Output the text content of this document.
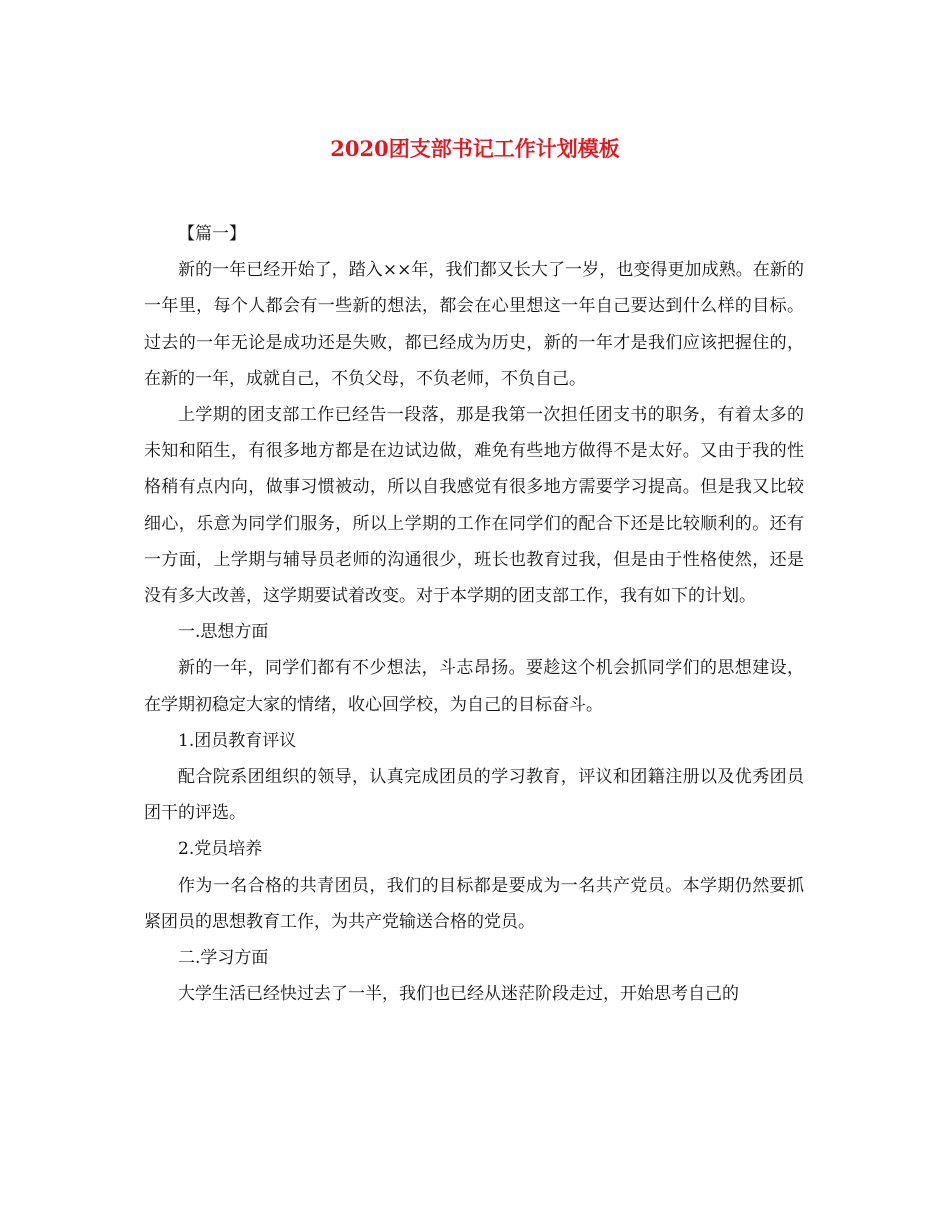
2020团支部书记工作计划模板

【篇一】

新的一年已经开始了，踏入××年，我们都又长大了一岁，也变得更加成熟。在新的一年里，每个人都会有一些新的想法，都会在心里想这一年自己要达到什么样的目标。过去的一年无论是成功还是失败，都已经成为历史，新的一年才是我们应该把握住的，在新的一年，成就自己，不负父母，不负老师，不负自己。

上学期的团支部工作已经告一段落，那是我第一次担任团支书的职务，有着太多的未知和陌生，有很多地方都是在边试边做，难免有些地方做得不是太好。又由于我的性格稍有点内向，做事习惯被动，所以自我感觉有很多地方需要学习提高。但是我又比较细心，乐意为同学们服务，所以上学期的工作在同学们的配合下还是比较顺利的。还有一方面，上学期与辅导员老师的沟通很少，班长也教育过我，但是由于性格使然，还是没有多大改善，这学期要试着改变。对于本学期的团支部工作，我有如下的计划。

一.思想方面

新的一年，同学们都有不少想法，斗志昂扬。要趁这个机会抓同学们的思想建设，在学期初稳定大家的情绪，收心回学校，为自己的目标奋斗。

1.团员教育评议

配合院系团组织的领导，认真完成团员的学习教育，评议和团籍注册以及优秀团员团干的评选。

2.党员培养

作为一名合格的共青团员，我们的目标都是要成为一名共产党员。本学期仍然要抓紧团员的思想教育工作，为共产党输送合格的党员。

二.学习方面

大学生活已经快过去了一半，我们也已经从迷茫阶段走过，开始思考自己的
